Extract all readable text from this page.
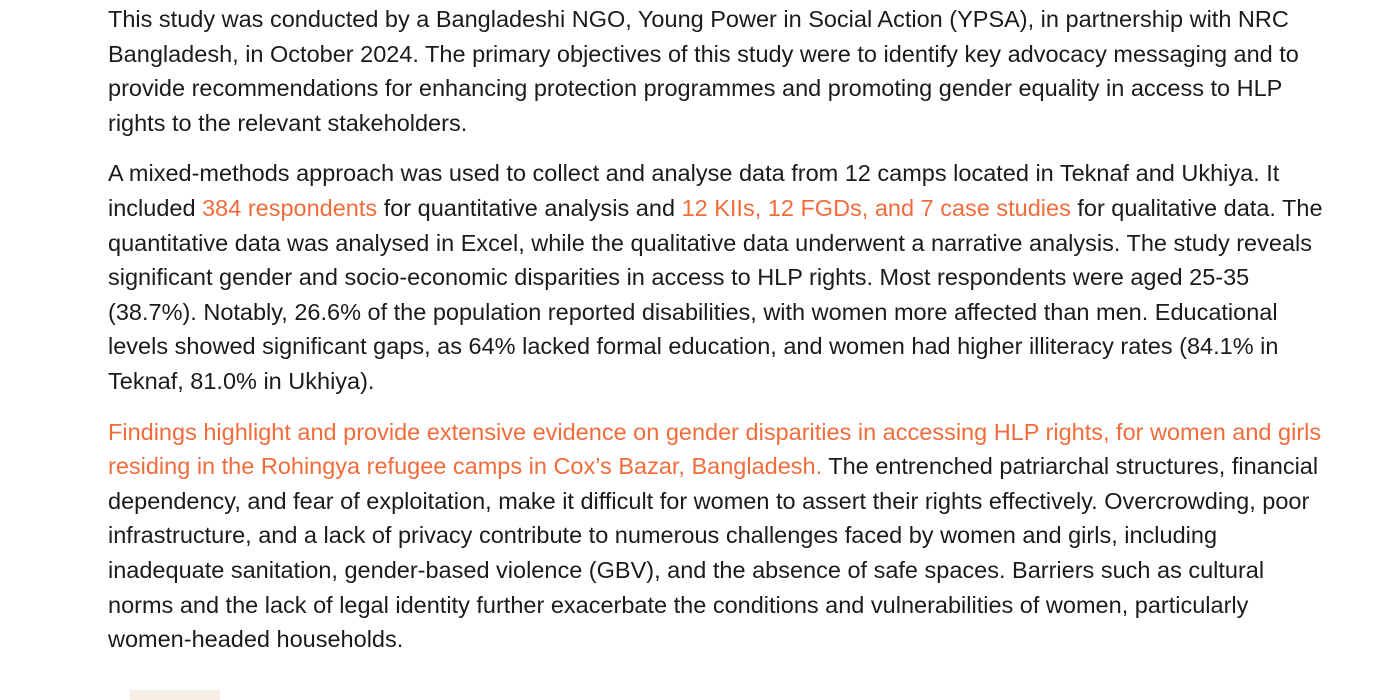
This study was conducted by a Bangladeshi NGO, Young Power in Social Action (YPSA), in partnership with NRC Bangladesh, in October 2024. The primary objectives of this study were to identify key advocacy messaging and to provide recommendations for enhancing protection programmes and promoting gender equality in access to HLP rights to the relevant stakeholders.

A mixed-methods approach was used to collect and analyse data from 12 camps located in Teknaf and Ukhiya. It included 384 respondents for quantitative analysis and 12 KIIs, 12 FGDs, and 7 case studies for qualitative data. The quantitative data was analysed in Excel, while the qualitative data underwent a narrative analysis. The study reveals significant gender and socio-economic disparities in access to HLP rights. Most respondents were aged 25-35 (38.7%). Notably, 26.6% of the population reported disabilities, with women more affected than men. Educational levels showed significant gaps, as 64% lacked formal education, and women had higher illiteracy rates (84.1% in Teknaf, 81.0% in Ukhiya).

Findings highlight and provide extensive evidence on gender disparities in accessing HLP rights, for women and girls residing in the Rohingya refugee camps in Cox’s Bazar, Bangladesh. The entrenched patriarchal structures, financial dependency, and fear of exploitation, make it difficult for women to assert their rights effectively. Overcrowding, poor infrastructure, and a lack of privacy contribute to numerous challenges faced by women and girls, including inadequate sanitation, gender-based violence (GBV), and the absence of safe spaces. Barriers such as cultural norms and the lack of legal identity further exacerbate the conditions and vulnerabilities of women, particularly women-headed households.
